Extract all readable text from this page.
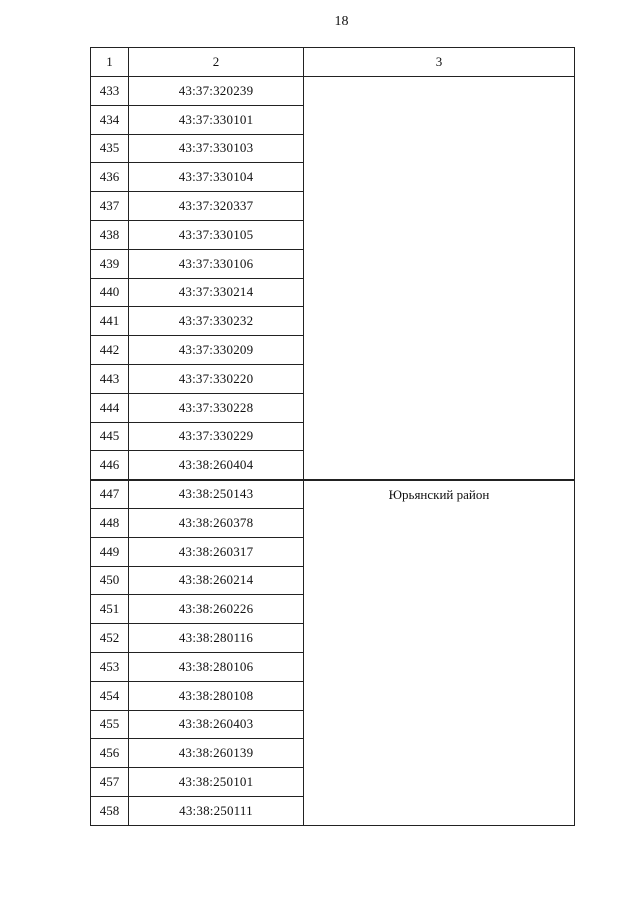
18
1	2	3
433	43:37:320239	
434	43:37:330101	
435	43:37:330103	
436	43:37:330104	
437	43:37:320337	
438	43:37:330105	
439	43:37:330106	
440	43:37:330214	
441	43:37:330232	
442	43:37:330209	
443	43:37:330220	
444	43:37:330228	
445	43:37:330229	
446	43:38:260404	
447	43:38:250143	Юрьянский район
448	43:38:260378	
449	43:38:260317	
450	43:38:260214	
451	43:38:260226	
452	43:38:280116	
453	43:38:280106	
454	43:38:280108	
455	43:38:260403	
456	43:38:260139	
457	43:38:250101	
458	43:38:250111	
